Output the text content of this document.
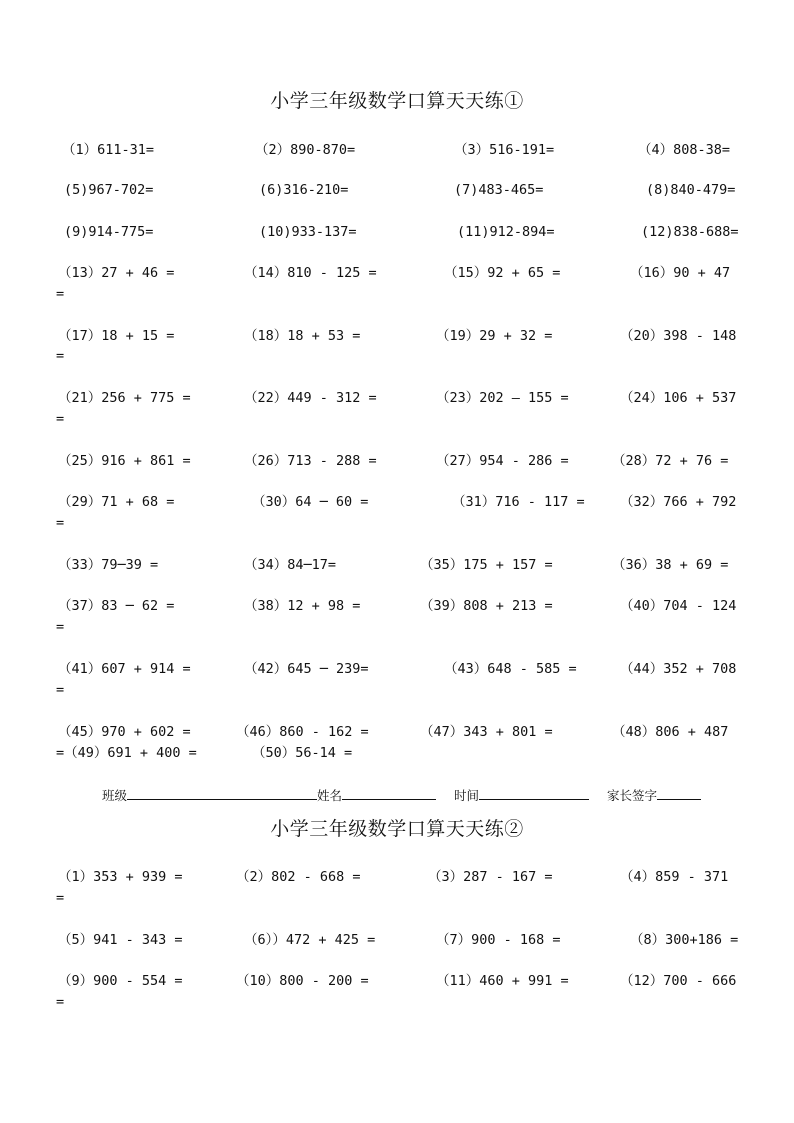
小学三年级数学口算天天练①
（1）611-31=	（2）890-870=	（3）516-191=	（4）808-38=
(5)967-702=	(6)316-210=	(7)483-465=	(8)840-479=
(9)914-775=	(10)933-137=	(11)912-894=	(12)838-688=
（13）27 + 46 =	（14）810 - 125 =	（15）92 + 65 =	（16）90 + 47
=
（17）18 + 15 =	（18）18 + 53 =	（19）29 + 32 =	（20）398 - 148
=
（21）256 + 775 =	（22）449 - 312 =	（23）202 – 155 =	（24）106 + 537
=
（25）916 + 861 =	（26）713 - 288 =	（27）954 - 286 =	（28）72 + 76 =
（29）71 + 68 =	（30）64 ─ 60 =	（31）716 - 117 =	（32）766 + 792
=
（33）79─39 =	（34）84─17=	（35）175 + 157 =	（36）38 + 69 =
（37）83 ─ 62 =	（38）12 + 98 =	（39）808 + 213 =	（40）704 - 124
=
（41）607 + 914 =	（42）645 ─ 239=	（43）648 - 585 =	（44）352 + 708
=
（45）970 + 602 =	（46）860 - 162 =	（47）343 + 801 =	（48）806 + 487
=（49）691 + 400 =	（50）56-14 =
班级	姓名	时间	家长签字
小学三年级数学口算天天练②
（1）353 + 939 =	（2）802 - 668 =	（3）287 - 167 =	（4）859 - 371
=
（5）941 - 343 =	（6））472 + 425 =	（7）900 - 168 =	（8）300+186 =
（9）900 - 554 =	（10）800 - 200 =	（11）460 + 991 =	（12）700 - 666
=
